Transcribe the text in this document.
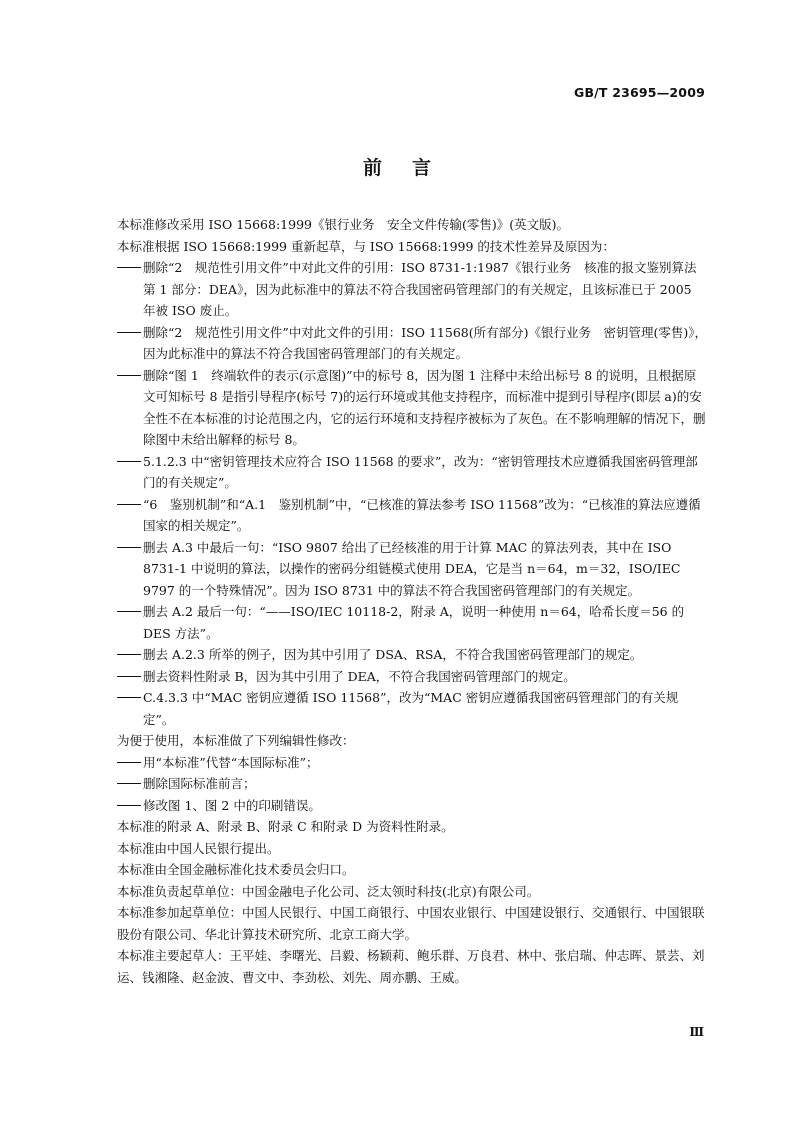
GB/T 23695—2009
前 言

本标准修改采用 ISO 15668:1999《银行业务　安全文件传输(零售)》(英文版)。

本标准根据 ISO 15668:1999 重新起草，与 ISO 15668:1999 的技术性差异及原因为：

删除“2　规范性引用文件”中对此文件的引用：ISO 8731-1:1987《银行业务　核准的报文鉴别算法　第 1 部分：DEA》，因为此标准中的算法不符合我国密码管理部门的有关规定，且该标准已于 2005 年被 ISO 废止。

删除“2　规范性引用文件”中对此文件的引用：ISO 11568(所有部分)《银行业务　密钥管理(零售)》，因为此标准中的算法不符合我国密码管理部门的有关规定。

删除“图 1　终端软件的表示(示意图)”中的标号 8，因为图 1 注释中未给出标号 8 的说明，且根据原文可知标号 8 是指引导程序(标号 7)的运行环境或其他支持程序，而标准中提到引导程序(即层 a)的安全性不在本标准的讨论范围之内，它的运行环境和支持程序被标为了灰色。在不影响理解的情况下，删除图中未给出解释的标号 8。

5.1.2.3 中“密钥管理技术应符合 ISO 11568 的要求”，改为：“密钥管理技术应遵循我国密码管理部门的有关规定”。

“6　鉴别机制”和“A.1　鉴别机制”中，“已核准的算法参考 ISO 11568”改为：“已核准的算法应遵循国家的相关规定”。

删去 A.3 中最后一句：“ISO 9807 给出了已经核准的用于计算 MAC 的算法列表，其中在 ISO 8731-1 中说明的算法，以操作的密码分组链模式使用 DEA，它是当 n＝64，m＝32，ISO/IEC 9797 的一个特殊情况”。因为 ISO 8731 中的算法不符合我国密码管理部门的有关规定。

删去 A.2 最后一句：“——ISO/IEC 10118-2，附录 A，说明一种使用 n＝64，哈希长度＝56 的 DES 方法”。

删去 A.2.3 所举的例子，因为其中引用了 DSA、RSA，不符合我国密码管理部门的规定。

删去资料性附录 B，因为其中引用了 DEA，不符合我国密码管理部门的规定。

C.4.3.3 中“MAC 密钥应遵循 ISO 11568”，改为“MAC 密钥应遵循我国密码管理部门的有关规定”。

为便于使用，本标准做了下列编辑性修改：

用“本标准”代替“本国际标准”；

删除国际标准前言；

修改图 1、图 2 中的印刷错误。

本标准的附录 A、附录 B、附录 C 和附录 D 为资料性附录。

本标准由中国人民银行提出。

本标准由全国金融标准化技术委员会归口。

本标准负责起草单位：中国金融电子化公司、泛太领时科技(北京)有限公司。

本标准参加起草单位：中国人民银行、中国工商银行、中国农业银行、中国建设银行、交通银行、中国银联股份有限公司、华北计算技术研究所、北京工商大学。

本标准主要起草人：王平娃、李曙光、吕毅、杨颖莉、鲍乐群、万良君、林中、张启瑞、仲志晖、景芸、刘运、钱湘隆、赵金波、曹文中、李劲松、刘先、周亦鹏、王威。

Ⅲ
